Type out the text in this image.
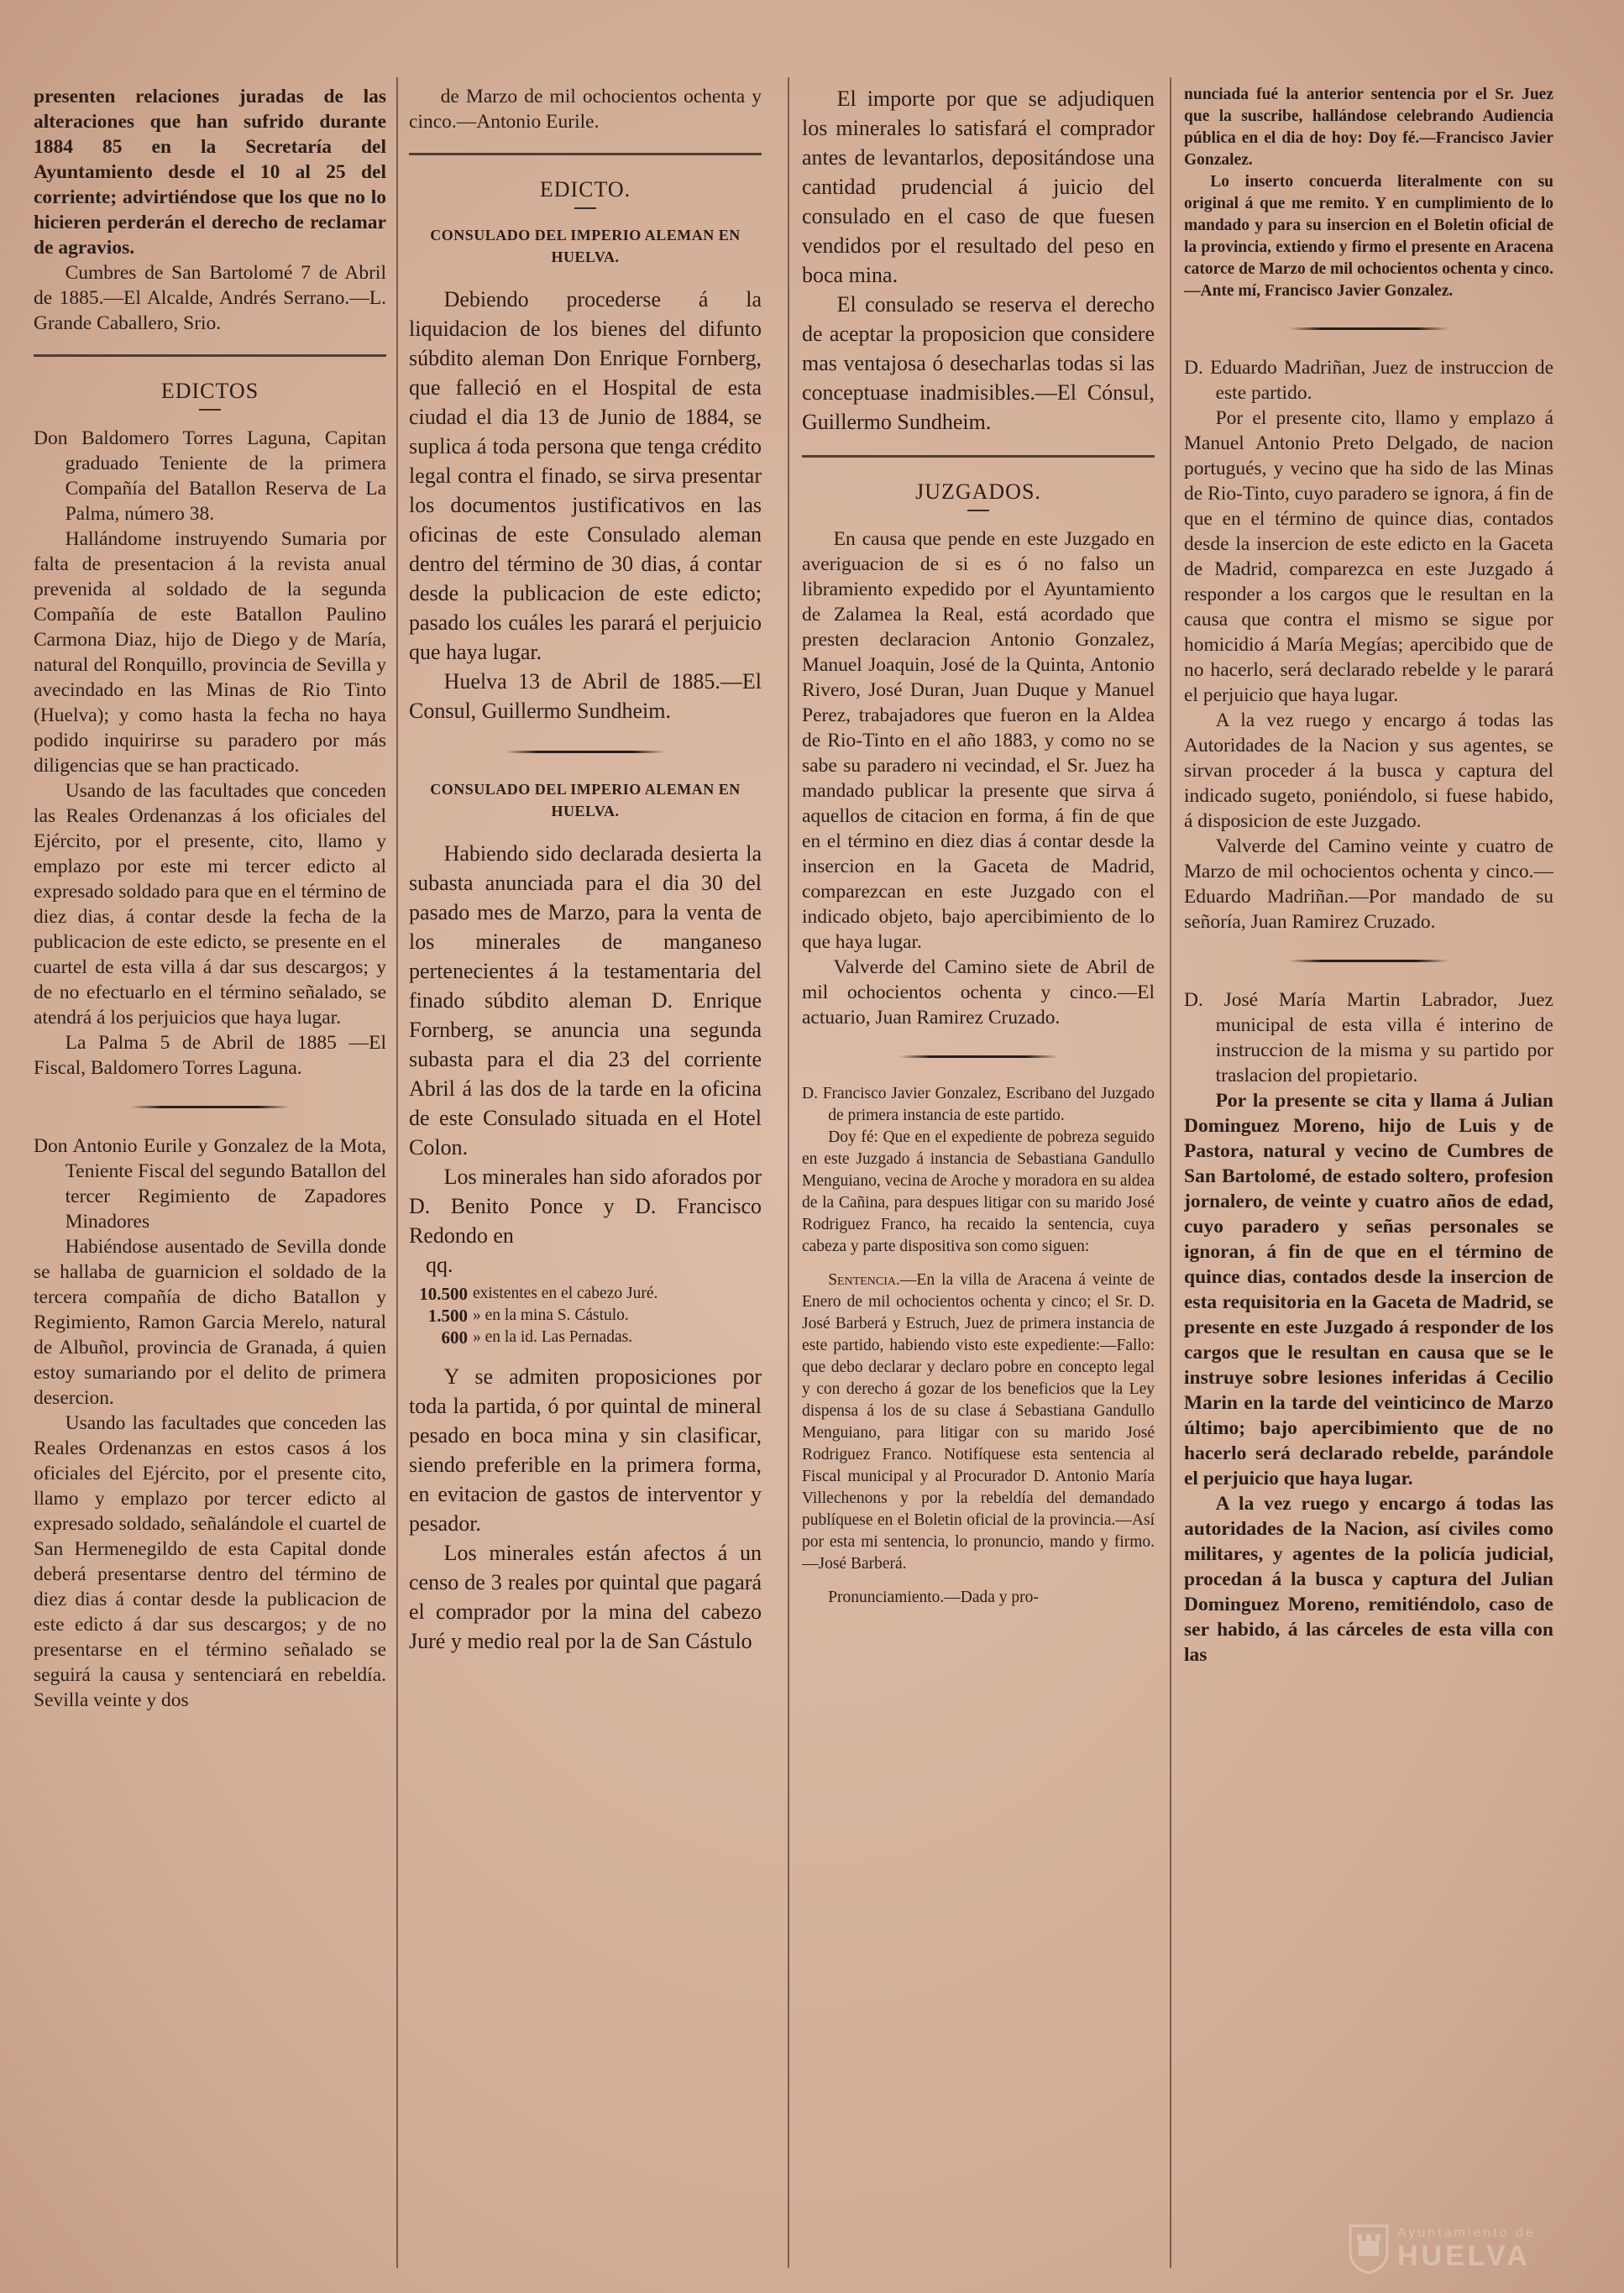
presenten relaciones juradas de las alteraciones que han sufrido durante 1884 85 en la Secretaría del Ayuntamiento desde el 10 al 25 del corriente; advirtiéndose que los que no lo hicieren perderán el derecho de reclamar de agravios.

Cumbres de San Bartolomé 7 de Abril de 1885.—El Alcalde, Andrés Serrano.—L. Grande Caballero, Srio.

EDICTOS

Don Baldomero Torres Laguna, Capitan graduado Teniente de la primera Compañía del Batallon Reserva de La Palma, número 38.

Hallándome instruyendo Sumaria por falta de presentacion á la revista anual prevenida al soldado de la segunda Compañía de este Batallon Paulino Carmona Diaz, hijo de Diego y de María, natural del Ronquillo, provincia de Sevilla y avecindado en las Minas de Rio Tinto (Huelva); y como hasta la fecha no haya podido inquirirse su paradero por más diligencias que se han practicado.

Usando de las facultades que conceden las Reales Ordenanzas á los oficiales del Ejército, por el presente, cito, llamo y emplazo por este mi tercer edicto al expresado soldado para que en el término de diez dias, á contar desde la fecha de la publicacion de este edicto, se presente en el cuartel de esta villa á dar sus descargos; y de no efectuarlo en el término señalado, se atendrá á los perjuicios que haya lugar.

La Palma 5 de Abril de 1885 —El Fiscal, Baldomero Torres Laguna.

Don Antonio Eurile y Gonzalez de la Mota, Teniente Fiscal del segundo Batallon del tercer Regimiento de Zapadores Minadores

Habiéndose ausentado de Sevilla donde se hallaba de guarnicion el soldado de la tercera compañía de dicho Batallon y Regimiento, Ramon Garcia Merelo, natural de Albuñol, provincia de Granada, á quien estoy sumariando por el delito de primera desercion.

Usando las facultades que conceden las Reales Ordenanzas en estos casos á los oficiales del Ejército, por el presente cito, llamo y emplazo por tercer edicto al expresado soldado, señalándole el cuartel de San Hermenegildo de esta Capital donde deberá presentarse dentro del término de diez dias á contar desde la publicacion de este edicto á dar sus descargos; y de no presentarse en el término señalado se seguirá la causa y sentenciará en rebeldía. Sevilla veinte y dos

de Marzo de mil ochocientos ochenta y cinco.—Antonio Eurile.

EDICTO.

CONSULADO DEL IMPERIO ALEMAN EN HUELVA.

Debiendo procederse á la liquidacion de los bienes del difunto súbdito aleman Don Enrique Fornberg, que falleció en el Hospital de esta ciudad el dia 13 de Junio de 1884, se suplica á toda persona que tenga crédito legal contra el finado, se sirva presentar los documentos justificativos en las oficinas de este Consulado aleman dentro del término de 30 dias, á contar desde la publicacion de este edicto; pasado los cuáles les parará el perjuicio que haya lugar.

Huelva 13 de Abril de 1885.—El Consul, Guillermo Sundheim.

CONSULADO DEL IMPERIO ALEMAN EN HUELVA.

Habiendo sido declarada desierta la subasta anunciada para el dia 30 del pasado mes de Marzo, para la venta de los minerales de manganeso pertenecientes á la testamentaria del finado súbdito aleman D. Enrique Fornberg, se anuncia una segunda subasta para el dia 23 del corriente Abril á las dos de la tarde en la oficina de este Consulado situada en el Hotel Colon.

Los minerales han sido aforados por D. Benito Ponce y D. Francisco Redondo en

qq.

10.500	existentes en el cabezo Juré.
1.500	» en la mina S. Cástulo.
600	» en la id. Las Pernadas.

Y se admiten proposiciones por toda la partida, ó por quintal de mineral pesado en boca mina y sin clasificar, siendo preferible en la primera forma, en evitacion de gastos de interventor y pesador.

Los minerales están afectos á un censo de 3 reales por quintal que pagará el comprador por la mina del cabezo Juré y medio real por la de San Cástulo

El importe por que se adjudiquen los minerales lo satisfará el comprador antes de levantarlos, depositándose una cantidad prudencial á juicio del consulado en el caso de que fuesen vendidos por el resultado del peso en boca mina.

El consulado se reserva el derecho de aceptar la proposicion que considere mas ventajosa ó desecharlas todas si las conceptuase inadmisibles.—El Cónsul, Guillermo Sundheim.

JUZGADOS.

En causa que pende en este Juzgado en averiguacion de si es ó no falso un libramiento expedido por el Ayuntamiento de Zalamea la Real, está acordado que presten declaracion Antonio Gonzalez, Manuel Joaquin, José de la Quinta, Antonio Rivero, José Duran, Juan Duque y Manuel Perez, trabajadores que fueron en la Aldea de Rio-Tinto en el año 1883, y como no se sabe su paradero ni vecindad, el Sr. Juez ha mandado publicar la presente que sirva á aquellos de citacion en forma, á fin de que en el término en diez dias á contar desde la insercion en la Gaceta de Madrid, comparezcan en este Juzgado con el indicado objeto, bajo apercibimiento de lo que haya lugar.

Valverde del Camino siete de Abril de mil ochocientos ochenta y cinco.—El actuario, Juan Ramirez Cruzado.

D. Francisco Javier Gonzalez, Escribano del Juzgado de primera instancia de este partido.

Doy fé: Que en el expediente de pobreza seguido en este Juzgado á instancia de Sebastiana Gandullo Menguiano, vecina de Aroche y moradora en su aldea de la Cañina, para despues litigar con su marido José Rodriguez Franco, ha recaido la sentencia, cuya cabeza y parte dispositiva son como siguen:

Sentencia.—En la villa de Aracena á veinte de Enero de mil ochocientos ochenta y cinco; el Sr. D. José Barberá y Estruch, Juez de primera instancia de este partido, habiendo visto este expediente:—Fallo: que debo declarar y declaro pobre en concepto legal y con derecho á gozar de los beneficios que la Ley dispensa á los de su clase á Sebastiana Gandullo Menguiano, para litigar con su marido José Rodriguez Franco. Notifíquese esta sentencia al Fiscal municipal y al Procurador D. Antonio María Villechenons y por la rebeldía del demandado publíquese en el Boletin oficial de la provincia.—Así por esta mi sentencia, lo pronuncio, mando y firmo.—José Barberá.

Pronunciamiento.—Dada y pro-

nunciada fué la anterior sentencia por el Sr. Juez que la suscribe, hallándose celebrando Audiencia pública en el dia de hoy: Doy fé.—Francisco Javier Gonzalez.

Lo inserto concuerda literalmente con su original á que me remito. Y en cumplimiento de lo mandado y para su insercion en el Boletin oficial de la provincia, extiendo y firmo el presente en Aracena catorce de Marzo de mil ochocientos ochenta y cinco.—Ante mí, Francisco Javier Gonzalez.

D. Eduardo Madriñan, Juez de instruccion de este partido.

Por el presente cito, llamo y emplazo á Manuel Antonio Preto Delgado, de nacion portugués, y vecino que ha sido de las Minas de Rio-Tinto, cuyo paradero se ignora, á fin de que en el término de quince dias, contados desde la insercion de este edicto en la Gaceta de Madrid, comparezca en este Juzgado á responder a los cargos que le resultan en la causa que contra el mismo se sigue por homicidio á María Megías; apercibido que de no hacerlo, será declarado rebelde y le parará el perjuicio que haya lugar.

A la vez ruego y encargo á todas las Autoridades de la Nacion y sus agentes, se sirvan proceder á la busca y captura del indicado sugeto, poniéndolo, si fuese habido, á disposicion de este Juzgado.

Valverde del Camino veinte y cuatro de Marzo de mil ochocientos ochenta y cinco.—Eduardo Madriñan.—Por mandado de su señoría, Juan Ramirez Cruzado.

D. José María Martin Labrador, Juez municipal de esta villa é interino de instruccion de la misma y su partido por traslacion del propietario.

Por la presente se cita y llama á Julian Dominguez Moreno, hijo de Luis y de Pastora, natural y vecino de Cumbres de San Bartolomé, de estado soltero, profesion jornalero, de veinte y cuatro años de edad, cuyo paradero y señas personales se ignoran, á fin de que en el término de quince dias, contados desde la insercion de esta requisitoria en la Gaceta de Madrid, se presente en este Juzgado á responder de los cargos que le resultan en causa que se le instruye sobre lesiones inferidas á Cecilio Marin en la tarde del veinticinco de Marzo último; bajo apercibimiento que de no hacerlo será declarado rebelde, parándole el perjuicio que haya lugar.

A la vez ruego y encargo á todas las autoridades de la Nacion, así civiles como militares, y agentes de la policía judicial, procedan á la busca y captura del Julian Dominguez Moreno, remitiéndolo, caso de ser habido, á las cárceles de esta villa con las

Ayuntamiento de
HUELVA
